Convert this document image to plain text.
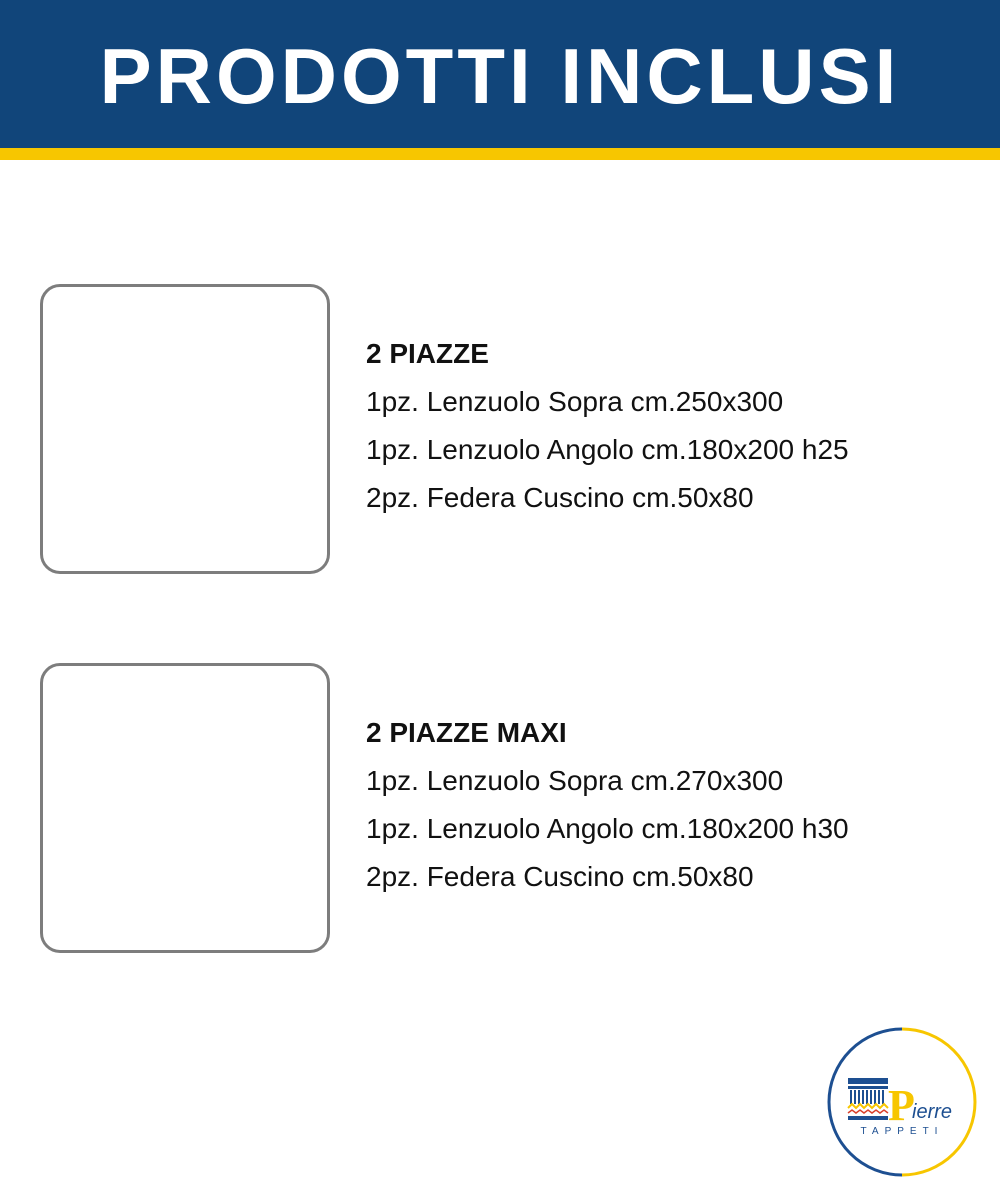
PRODOTTI INCLUSI
2 PIAZZE
1pz. Lenzuolo Sopra cm.250x300
1pz. Lenzuolo Angolo cm.180x200 h25
2pz. Federa Cuscino cm.50x80
2 PIAZZE MAXI
1pz. Lenzuolo Sopra cm.270x300
1pz. Lenzuolo Angolo cm.180x200 h30
2pz. Federa Cuscino cm.50x80
P
ierre
TAPPETI
